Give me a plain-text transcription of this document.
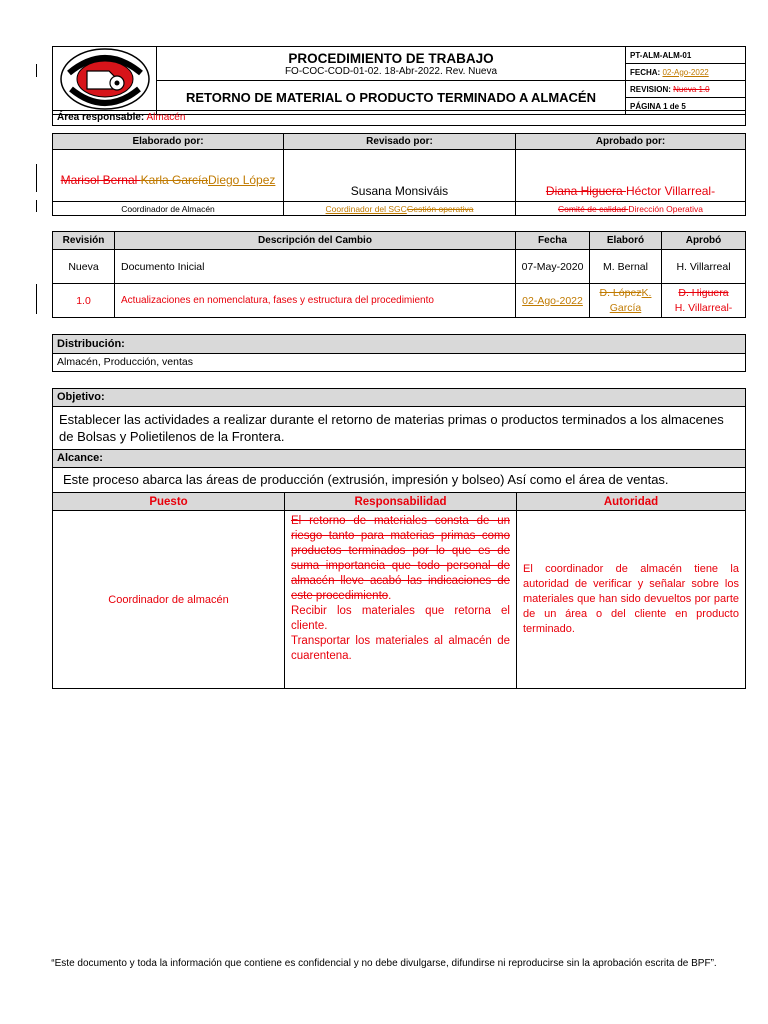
PROCEDIMIENTO DE TRABAJO
FO-COC-COD-01-02. 18-Abr-2022. Rev. Nueva	PT-ALM-ALM-01
		FECHA: 02-Ago-2022
	RETORNO DE MATERIAL O PRODUCTO TERMINADO A ALMACÉN	REVISION: Nueva 1.0
		PÁGINA 1 de 5
Área responsable: Almacén
Elaborado por:	Revisado por:	Aprobado por:
Marisol Bernal Karla GarcíaDiego López	Susana Monsiváis	Diana Higuera Héctor Villarreal-
Coordinador de Almacén	Coordinador del SGCGestión operativa	Comité de calidad Dirección Operativa
Revisión	Descripción del Cambio	Fecha	Elaboró	Aprobó
Nueva	Documento Inicial	07-May-2020	M. Bernal	H. Villarreal
1.0	Actualizaciones en nomenclatura, fases y estructura del procedimiento	02-Ago-2022	D. LópezK. García	D. Higuera
H. Villarreal-
Distribución:
Almacén, Producción, ventas
Objetivo:		
Establecer las actividades a realizar durante el retorno de materias primas o productos terminados a los almacenes de Bolsas y Polietilenos de la Frontera.		
Alcance:		
Este proceso abarca las áreas de producción (extrusión, impresión y bolseo) Así como el área de ventas.		
Puesto	Responsabilidad	Autoridad
Coordinador de almacén	El retorno de materiales consta de un riesgo tanto para materias primas como productos terminados por lo que es de suma importancia que todo personal de almacén lleve acabó las indicaciones de este procedimiento.
Recibir los materiales que retorna el cliente.
Transportar los materiales al almacén de cuarentena.	El coordinador de almacén tiene la autoridad de verificar y señalar sobre los materiales que han sido devueltos por parte de un área o del cliente en producto terminado.
“Este documento y toda la información que contiene es confidencial y no debe divulgarse, difundirse ni reproducirse sin la aprobación escrita de BPF”.
